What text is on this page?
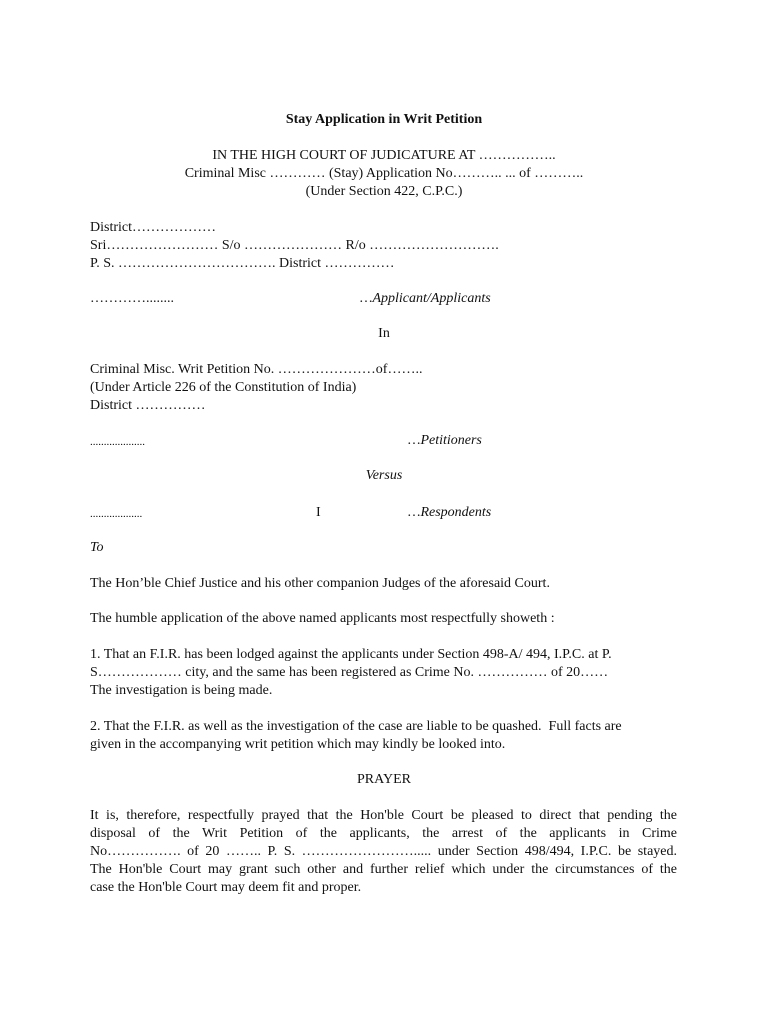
Stay Application in Writ Petition
IN THE HIGH COURT OF JUDICATURE AT ……………..
Criminal Misc ………… (Stay) Application No……….. ... of ………..
(Under Section 422, C.P.C.)
District………………
Sri…………………… S/o ………………… R/o ……………………….
P. S. ……………………………. District ……………
…………........	…Applicant/Applicants
In
Criminal Misc. Writ Petition No. …………………of……..
(Under Article 226 of the Constitution of India)
District ……………
....................	…Petitioners
Versus
...................	I	…Respondents
To
The Hon’ble Chief Justice and his other companion Judges of the aforesaid Court.
The humble application of the above named applicants most respectfully showeth :
1. That an F.I.R. has been lodged against the applicants under Section 498-A/ 494, I.P.C. at P.
S……………… city, and the same has been registered as Crime No. …………… of 20……
The investigation is being made.
2. That the F.I.R. as well as the investigation of the case are liable to be quashed.  Full facts are
given in the accompanying writ petition which may kindly be looked into.
PRAYER
It is, therefore, respectfully prayed that the Hon'ble Court be pleased to direct that pending the
disposal of the Writ Petition of the applicants, the arrest of the applicants in Crime
No……………. of 20 …….. P. S. ……………………..... under Section 498/494, I.P.C. be stayed.
The Hon'ble Court may grant such other and further relief which under the circumstances of the
case the Hon'ble Court may deem fit and proper.
